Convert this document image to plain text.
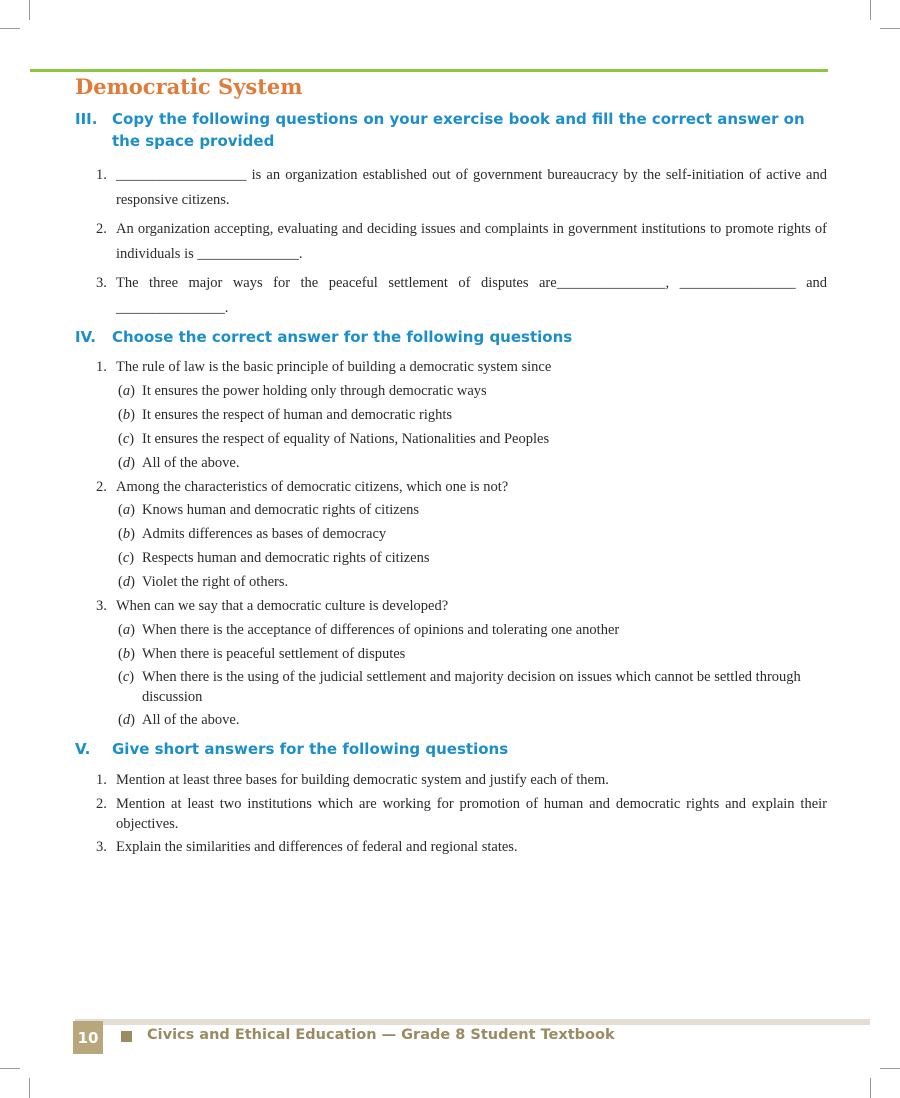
Democratic System
III. Copy the following questions on your exercise book and fill the correct answer on the space provided
1. __________________ is an organization established out of government bureaucracy by the self-initiation of active and responsive citizens.
2. An organization accepting, evaluating and deciding issues and complaints in government institutions to promote rights of individuals is ______________.
3. The three major ways for the peaceful settlement of disputes are_______________, ________________ and _______________.
IV. Choose the correct answer for the following questions
1. The rule of law is the basic principle of building a democratic system since
(a) It ensures the power holding only through democratic ways
(b) It ensures the respect of human and democratic rights
(c) It ensures the respect of equality of Nations, Nationalities and Peoples
(d) All of the above.
2. Among the characteristics of democratic citizens, which one is not?
(a) Knows human and democratic rights of citizens
(b) Admits differences as bases of democracy
(c) Respects human and democratic rights of citizens
(d) Violet the right of others.
3. When can we say that a democratic culture is developed?
(a) When there is the acceptance of differences of opinions and tolerating one another
(b) When there is peaceful settlement of disputes
(c) When there is the using of the judicial settlement and majority decision on issues which cannot be settled through discussion
(d) All of the above.
V. Give short answers for the following questions
1. Mention at least three bases for building democratic system and justify each of them.
2. Mention at least two institutions which are working for promotion of human and democratic rights and explain their objectives.
3. Explain the similarities and differences of federal and regional states.
10	Civics and Ethical Education — Grade 8 Student Textbook
